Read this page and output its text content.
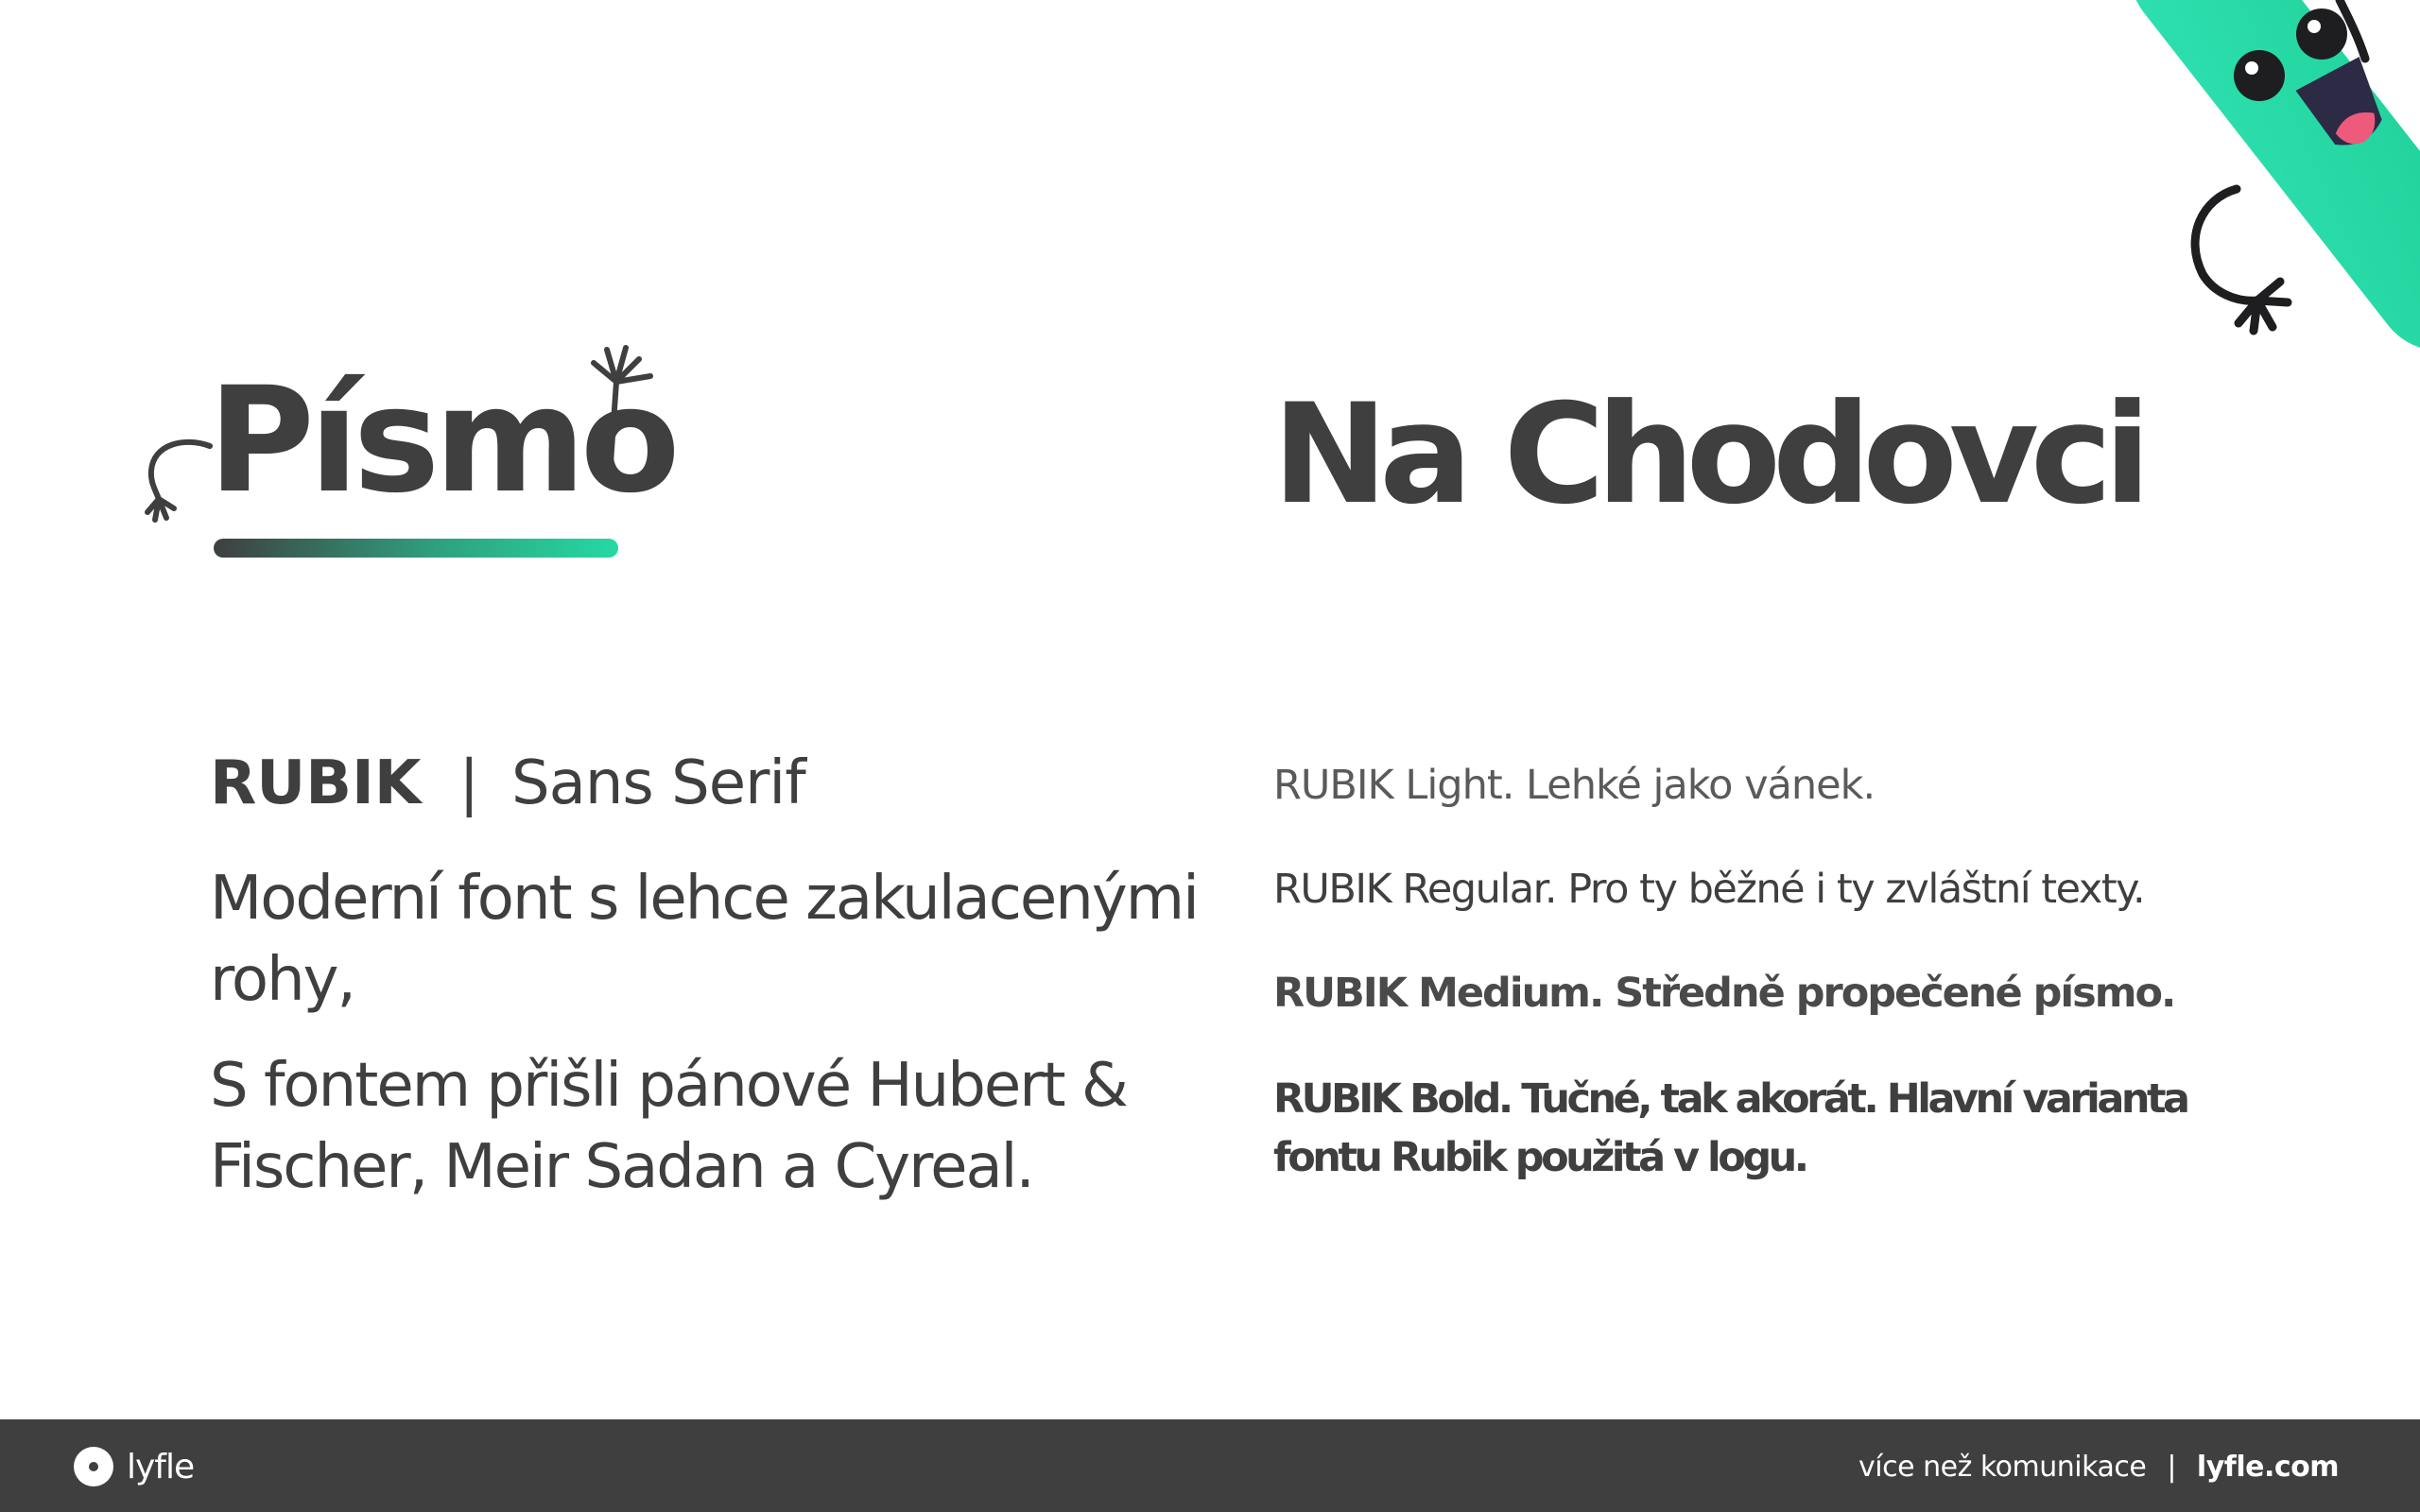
Písmo	Na Chodovci
RUBIK | Sans Serif

Moderní font s lehce zakulacenými rohy,

S fontem přišli pánové Hubert & Fischer, Meir Sadan a Cyreal.

RUBIK Light. Lehké jako vánek.

RUBIK Regular. Pro ty běžné i ty zvláštní texty.

RUBIK Medium. Středně propečené písmo.

RUBIK Bold. Tučné, tak akorát. Hlavní varianta fontu Rubik použitá v logu.

lyfle	více než komunikace | lyfle.com
